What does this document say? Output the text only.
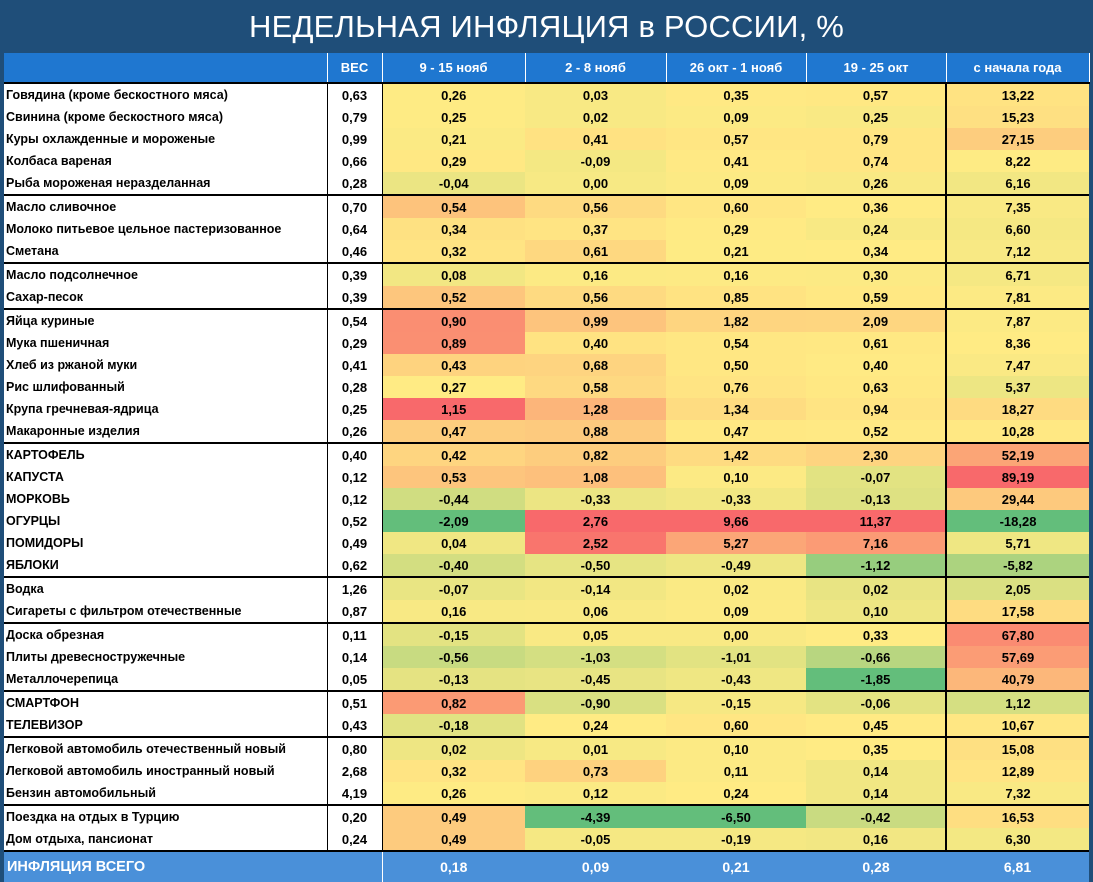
НЕДЕЛЬНАЯ ИНФЛЯЦИЯ в РОССИИ, %
	ВЕС	9 - 15 нояб	2 - 8 нояб	26 окт - 1 нояб	19 - 25 окт	с начала года
Говядина (кроме бескостного мяса)	0,63	0,26	0,03	0,35	0,57	13,22
Свинина (кроме бескостного мяса)	0,79	0,25	0,02	0,09	0,25	15,23
Куры охлажденные и мороженые	0,99	0,21	0,41	0,57	0,79	27,15
Колбаса вареная	0,66	0,29	-0,09	0,41	0,74	8,22
Рыба мороженая неразделанная	0,28	-0,04	0,00	0,09	0,26	6,16
Масло сливочное	0,70	0,54	0,56	0,60	0,36	7,35
Молоко питьевое цельное пастеризованное	0,64	0,34	0,37	0,29	0,24	6,60
Сметана	0,46	0,32	0,61	0,21	0,34	7,12
Масло подсолнечное	0,39	0,08	0,16	0,16	0,30	6,71
Сахар-песок	0,39	0,52	0,56	0,85	0,59	7,81
Яйца куриные	0,54	0,90	0,99	1,82	2,09	7,87
Мука пшеничная	0,29	0,89	0,40	0,54	0,61	8,36
Хлеб из ржаной муки	0,41	0,43	0,68	0,50	0,40	7,47
Рис шлифованный	0,28	0,27	0,58	0,76	0,63	5,37
Крупа гречневая-ядрица	0,25	1,15	1,28	1,34	0,94	18,27
Макаронные изделия	0,26	0,47	0,88	0,47	0,52	10,28
КАРТОФЕЛЬ	0,40	0,42	0,82	1,42	2,30	52,19
КАПУСТА	0,12	0,53	1,08	0,10	-0,07	89,19
МОРКОВЬ	0,12	-0,44	-0,33	-0,33	-0,13	29,44
ОГУРЦЫ	0,52	-2,09	2,76	9,66	11,37	-18,28
ПОМИДОРЫ	0,49	0,04	2,52	5,27	7,16	5,71
ЯБЛОКИ	0,62	-0,40	-0,50	-0,49	-1,12	-5,82
Водка	1,26	-0,07	-0,14	0,02	0,02	2,05
Сигареты с фильтром отечественные	0,87	0,16	0,06	0,09	0,10	17,58
Доска обрезная	0,11	-0,15	0,05	0,00	0,33	67,80
Плиты древесностружечные	0,14	-0,56	-1,03	-1,01	-0,66	57,69
Металлочерепица	0,05	-0,13	-0,45	-0,43	-1,85	40,79
СМАРТФОН	0,51	0,82	-0,90	-0,15	-0,06	1,12
ТЕЛЕВИЗОР	0,43	-0,18	0,24	0,60	0,45	10,67
Легковой автомобиль отечественный новый	0,80	0,02	0,01	0,10	0,35	15,08
Легковой автомобиль иностранный новый	2,68	0,32	0,73	0,11	0,14	12,89
Бензин автомобильный	4,19	0,26	0,12	0,24	0,14	7,32
Поездка на отдых в Турцию	0,20	0,49	-4,39	-6,50	-0,42	16,53
Дом отдыха, пансионат	0,24	0,49	-0,05	-0,19	0,16	6,30
ИНФЛЯЦИЯ ВСЕГО		0,18	0,09	0,21	0,28	6,81
